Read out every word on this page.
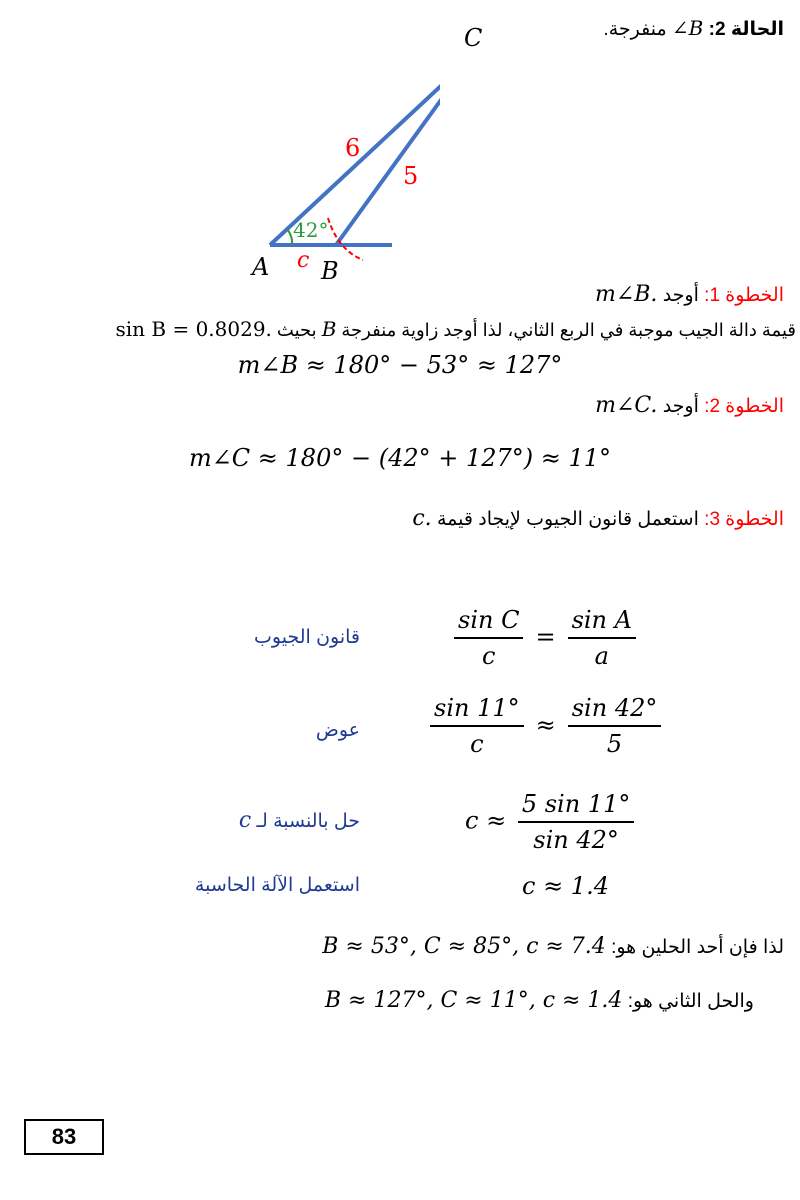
الحالة 2: ∠B منفرجة.
C
6
5
42°
A c B
الخطوة 1: أوجد m∠B.
قيمة دالة الجيب موجبة في الربع الثاني، لذا أوجد زاوية منفرجة B بحيث sin B = 0.8029.
m∠B ≈ 180° − 53° ≈ 127°
الخطوة 2: أوجد m∠C.
m∠C ≈ 180° − (42° + 127°) ≈ 11°
الخطوة 3: استعمل قانون الجيوب لإيجاد قيمة c.
قانون الجيوب
عوض
حل بالنسبة لـ c
استعمل الآلة الحاسبة
$\frac{\text{sin C}}{c} = \frac{\text{sin A}}{a}$
$\frac{\sin 11^\circ}{c} \approx \frac{\sin 42^\circ}{5}$
$c \approx \frac{5 \sin 11^\circ}{\sin 42^\circ}$
c ≈ 1.4
لذا فإن أحد الحلين هو: B ≈ 53°, C ≈ 85°, c ≈ 7.4
والحل الثاني هو: B ≈ 127°, C ≈ 11°, c ≈ 1.4
83
